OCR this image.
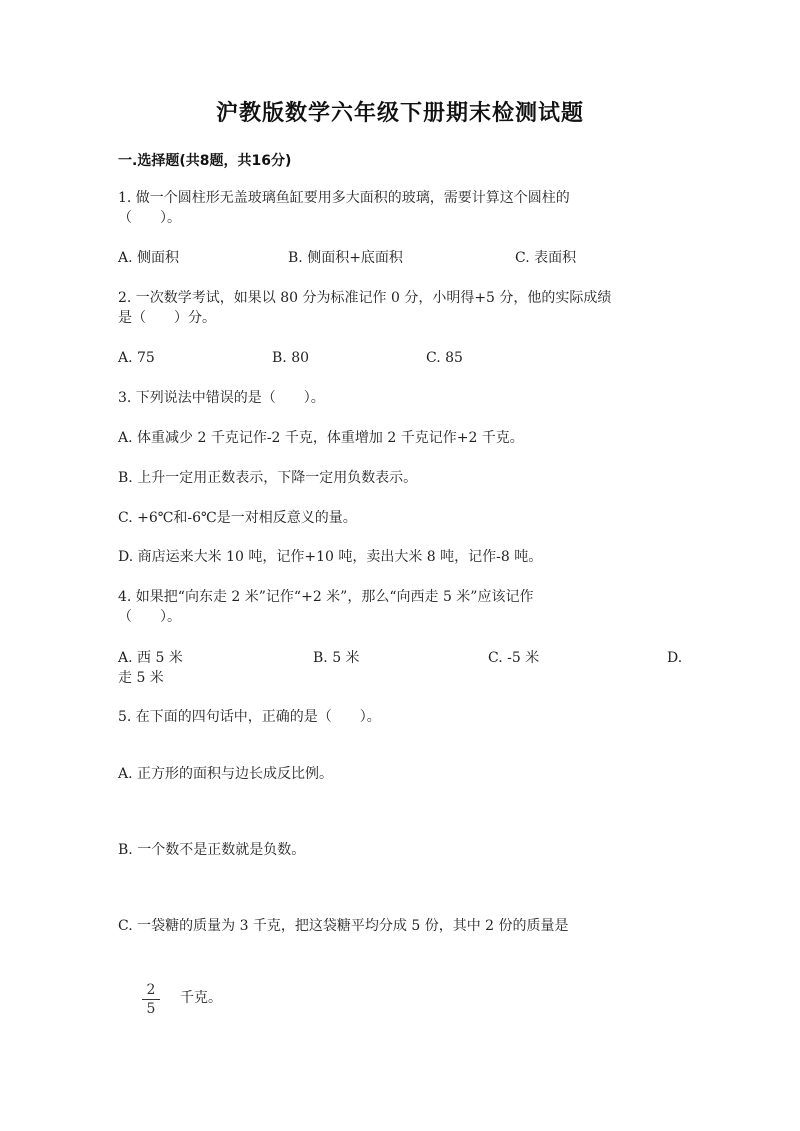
沪教版数学六年级下册期末检测试题
一.选择题(共8题，共16分)
1. 做一个圆柱形无盖玻璃鱼缸要用多大面积的玻璃，需要计算这个圆柱的
（　　）。
A. 侧面积	B. 侧面积+底面积	C. 表面积
2. 一次数学考试，如果以 80 分为标准记作 0 分，小明得+5 分，他的实际成绩
是（　　）分。
A. 75	B. 80	C. 85
3. 下列说法中错误的是（　　）。
A. 体重减少 2 千克记作-2 千克，体重增加 2 千克记作+2 千克。
B. 上升一定用正数表示，下降一定用负数表示。
C. +6℃和-6℃是一对相反意义的量。
D. 商店运来大米 10 吨，记作+10 吨，卖出大米 8 吨，记作-8 吨。
4. 如果把“向东走 2 米”记作“+2 米”，那么“向西走 5 米”应该记作
（　　）。
A. 西 5 米	B. 5 米	C. -5 米	D.
走 5 米
5. 在下面的四句话中，正确的是（　　）。
A. 正方形的面积与边长成反比例。
B. 一个数不是正数就是负数。
C. 一袋糖的质量为 3 千克，把这袋糖平均分成 5 份，其中 2 份的质量是
2
5
千克。
